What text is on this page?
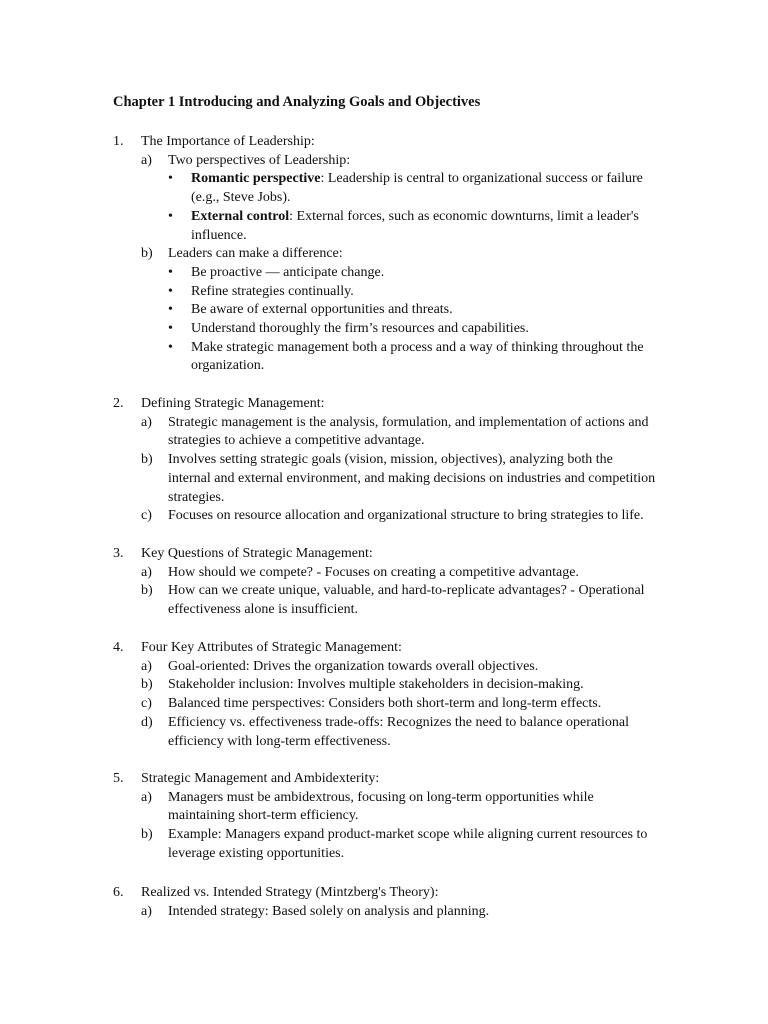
Chapter 1 Introducing and Analyzing Goals and Objectives
1. The Importance of Leadership:
a) Two perspectives of Leadership:
• Romantic perspective: Leadership is central to organizational success or failure (e.g., Steve Jobs).
• External control: External forces, such as economic downturns, limit a leader's influence.
b) Leaders can make a difference:
• Be proactive — anticipate change.
• Refine strategies continually.
• Be aware of external opportunities and threats.
• Understand thoroughly the firm’s resources and capabilities.
• Make strategic management both a process and a way of thinking throughout the organization.
2. Defining Strategic Management:
a) Strategic management is the analysis, formulation, and implementation of actions and strategies to achieve a competitive advantage.
b) Involves setting strategic goals (vision, mission, objectives), analyzing both the internal and external environment, and making decisions on industries and competition strategies.
c) Focuses on resource allocation and organizational structure to bring strategies to life.
3. Key Questions of Strategic Management:
a) How should we compete? - Focuses on creating a competitive advantage.
b) How can we create unique, valuable, and hard-to-replicate advantages? - Operational effectiveness alone is insufficient.
4. Four Key Attributes of Strategic Management:
a) Goal-oriented: Drives the organization towards overall objectives.
b) Stakeholder inclusion: Involves multiple stakeholders in decision-making.
c) Balanced time perspectives: Considers both short-term and long-term effects.
d) Efficiency vs. effectiveness trade-offs: Recognizes the need to balance operational efficiency with long-term effectiveness.
5. Strategic Management and Ambidexterity:
a) Managers must be ambidextrous, focusing on long-term opportunities while maintaining short-term efficiency.
b) Example: Managers expand product-market scope while aligning current resources to leverage existing opportunities.
6. Realized vs. Intended Strategy (Mintzberg's Theory):
a) Intended strategy: Based solely on analysis and planning.
